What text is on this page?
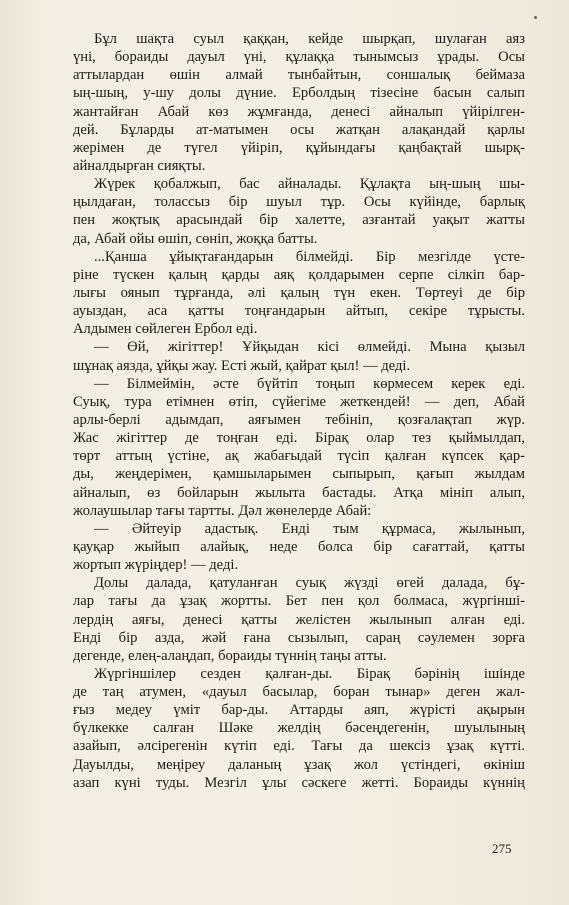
Бұл шақта суыл қаққан, кейде шырқап, шулаған аяз
үні, бораиды дауыл үні, құлаққа тынымсыз ұрады. Осы
аттылардан өшін алмай тынбайтын, соншалық беймаза
ың-шың, у-шу долы дүние. Ерболдың тізесіне басын салып
жантайған Абай көз жұмғанда, денесі айналып үйірілген-
дей. Бұларды ат-матымен осы жатқан алақандай қарлы
жерімен де түгел үйіріп, құйындағы қаңбақтай шырқ-
айналдырған сияқты.
Жүрек қобалжып, бас айналады. Құлақта ың-шың шы-
ңылдаған, толассыз бір шуыл тұр. Осы күйінде, барлық
пен жоқтық арасындай бір халетте, азғантай уақыт жатты
да, Абай ойы өшіп, сөніп, жоққа батты.
...Қанша ұйықтағандарын білмейді. Бір мезгілде үсте-
ріне түскен қалың қарды аяқ қолдарымен серпе сілкіп бар-
лығы оянып тұрғанда, әлі қалың түн екен. Төртеуі де бір
ауыздан, аса қатты тоңғандарын айтып, секіре тұрысты.
Алдымен сөйлеген Ербол еді.
— Өй, жігіттер! Ұйқыдан кісі өлмейді. Мына қызыл
шұнақ аязда, ұйқы жау. Есті жый, қайрат қыл! — деді.
— Білмеймін, әсте бүйтіп тоңып көрмесем керек еді.
Суық, тура етімнен өтіп, сүйегіме жеткендей! — деп, Абай
арлы-берлі адымдап, аяғымен тебініп, қозғалақтап жүр.
Жас жігіттер де тоңған еді. Бірақ олар тез қыймылдап,
төрт аттың үстіне, ақ жабағыдай түсіп қалған күпсек қар-
ды, жеңдерімен, қамшыларымен сыпырып, қағып жылдам
айналып, өз бойларын жылыта бастады. Атқа мініп алып,
жолаушылар тағы тартты. Дәл жөнелерде Абай:
— Әйтеуір адастық. Енді тым құрмаса, жылынып,
қауқар жыйып алайық, неде болса бір сағаттай, қатты
жортып жүріңдер! — деді.
Долы далада, қатуланған суық жүзді өгей далада, бұ-
лар тағы да ұзақ жортты. Бет пен қол болмаса, жүргінші-
лердің аяғы, денесі қатты желістен жылынып алған еді.
Енді бір азда, жәй ғана сызылып, сараң сәулемен зорға
дегенде, елең-алаңдап, бораиды түннің таңы атты.
Жүргіншілер сезден қалған-ды. Бірақ бәрінің ішінде
де таң атумен, «дауыл басылар, боран тынар» деген жал-
ғыз медеу үміт бар-ды. Аттарды аяп, жүрісті ақырын
бүлкекке салған Шәке желдің бәсеңдегенін, шуылының
азайып, әлсірегенін күтіп еді. Тағы да шексіз ұзақ күтті.
Дауылды, меңіреу даланың ұзақ жол үстіндегі, өкініш
азап күні туды. Мезгіл ұлы сәскеге жетті. Бораиды күннің
275
